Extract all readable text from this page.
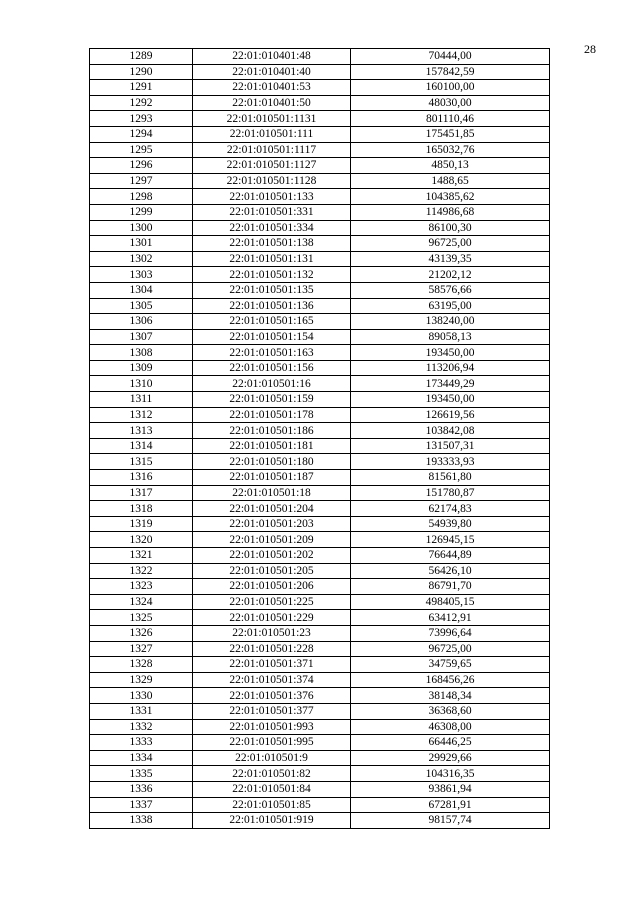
28
1289	22:01:010401:48	70444,00
1290	22:01:010401:40	157842,59
1291	22:01:010401:53	160100,00
1292	22:01:010401:50	48030,00
1293	22:01:010501:1131	801110,46
1294	22:01:010501:111	175451,85
1295	22:01:010501:1117	165032,76
1296	22:01:010501:1127	4850,13
1297	22:01:010501:1128	1488,65
1298	22:01:010501:133	104385,62
1299	22:01:010501:331	114986,68
1300	22:01:010501:334	86100,30
1301	22:01:010501:138	96725,00
1302	22:01:010501:131	43139,35
1303	22:01:010501:132	21202,12
1304	22:01:010501:135	58576,66
1305	22:01:010501:136	63195,00
1306	22:01:010501:165	138240,00
1307	22:01:010501:154	89058,13
1308	22:01:010501:163	193450,00
1309	22:01:010501:156	113206,94
1310	22:01:010501:16	173449,29
1311	22:01:010501:159	193450,00
1312	22:01:010501:178	126619,56
1313	22:01:010501:186	103842,08
1314	22:01:010501:181	131507,31
1315	22:01:010501:180	193333,93
1316	22:01:010501:187	81561,80
1317	22:01:010501:18	151780,87
1318	22:01:010501:204	62174,83
1319	22:01:010501:203	54939,80
1320	22:01:010501:209	126945,15
1321	22:01:010501:202	76644,89
1322	22:01:010501:205	56426,10
1323	22:01:010501:206	86791,70
1324	22:01:010501:225	498405,15
1325	22:01:010501:229	63412,91
1326	22:01:010501:23	73996,64
1327	22:01:010501:228	96725,00
1328	22:01:010501:371	34759,65
1329	22:01:010501:374	168456,26
1330	22:01:010501:376	38148,34
1331	22:01:010501:377	36368,60
1332	22:01:010501:993	46308,00
1333	22:01:010501:995	66446,25
1334	22:01:010501:9	29929,66
1335	22:01:010501:82	104316,35
1336	22:01:010501:84	93861,94
1337	22:01:010501:85	67281,91
1338	22:01:010501:919	98157,74
